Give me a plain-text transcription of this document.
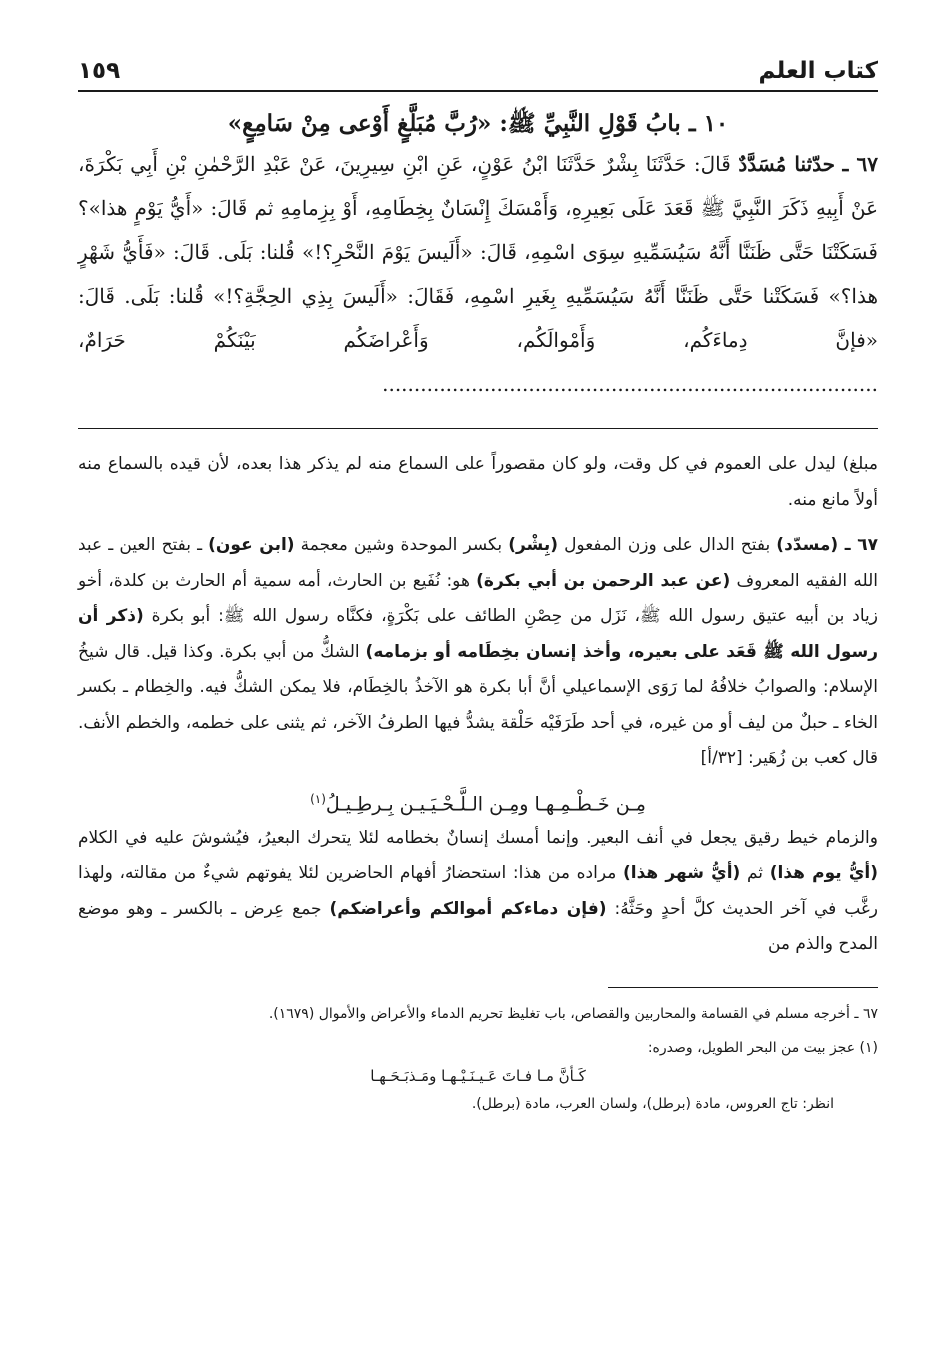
كتاب العلم
١٥٩
١٠ ـ بابُ قَوْلِ النَّبِيِّ ﷺ: «رُبَّ مُبَلَّغٍ أَوْعى مِنْ سَامِعٍ»

٦٧ ـ حدّثنا مُسَدَّدٌ قَالَ: حَدَّثَنَا بِشْرٌ حَدَّثَنَا ابْنُ عَوْنٍ، عَنِ ابْنِ سِيرِينَ، عَنْ عَبْدِ الرَّحْمٰنِ بْنِ أَبِي بَكْرَةَ، عَنْ أَبِيهِ ذَكَرَ النَّبِيَّ ﷺ قَعَدَ عَلَى بَعِيرِهِ، وَأَمْسَكَ إِنْسَانٌ بِخِطَامِهِ، أَوْ بِزِمامِهِ ثم قَالَ: «أَيُّ يَوْمٍ هذا»؟ فَسَكَتْنَا حَتَّى ظَنَنَّا أَنَّهُ سَيُسَمِّيهِ سِوَى اسْمِهِ، قَالَ: «أَلَيسَ يَوْمَ النَّحْرِ؟!» قُلنا: بَلَى. قَالَ: «فَأَيُّ شَهْرٍ هذا؟» فَسَكَتْنا حَتَّى ظَنَنَّا أَنَّهُ سَيُسَمِّيهِ بِغَيرِ اسْمِهِ، فَقَالَ: «أَلَيسَ بِذِي الحِجَّةِ؟!» قُلنا: بَلَى. قَالَ: «فإنَّ دِماءَكُم، وَأَمْوالَكُم، وَأَعْراضَكُم بَيْنَكُمْ حَرَامٌ، ..............................................................................

مبلغ) ليدل على العموم في كل وقت، ولو كان مقصوراً على السماع منه لم يذكر هذا بعده، لأن قيده بالسماع منه أولاً مانع منه.

٦٧ ـ (مسدّد) بفتح الدال على وزن المفعول (بِشْر) بكسر الموحدة وشين معجمة (ابن عون) ـ بفتح العين ـ عبد الله الفقيه المعروف (عن عبد الرحمن بن أبي بكرة) هو: نُفَيع بن الحارث، أمه سمية أم الحارث بن كلدة، أخو زياد بن أبيه عتيق رسول الله ﷺ، نَزَل من حِصْنِ الطائف على بَكْرَةٍ، فكنَّاه رسول الله ﷺ: أبو بكرة (ذكر أن رسول الله ﷺ قَعَد على بعيره، وأخذ إنسان بخِطَامه أو بزمامه) الشكُّ من أبي بكرة. وكذا قيل. قال شيخُ الإسلام: والصوابُ خلافُهُ لما رَوَى الإسماعيلي أنَّ أبا بكرة هو الآخذُ بالخِطَام، فلا يمكن الشكُّ فيه. والخِطام ـ بكسر الخاء ـ حبلٌ من ليف أو من غيره، في أحد طَرَفَيْه حَلْقة يشدُّ فيها الطرفُ الآخر، ثم يثنى على خطمه، والخطم الأنف. قال كعب بن زُهَير: [٣٢/أ]

مِـن خَـطْـمِـهـا ومِـن الـلَّـحْـيَـيـن بِـرطِـيـلُ$^{(١)}$

والزمام خيط رقيق يجعل في أنف البعير. وإنما أمسك إنسانٌ بخطامه لئلا يتحرك البعيرُ، فيُشوشَ عليه في الكلام (أيُّ يوم هذا) ثم (أيُّ شهر هذا) مراده من هذا: استحضارُ أفهام الحاضرين لئلا يفوتهم شيءٌ من مقالته، ولهذا رغَّب في آخر الحديث كلَّ أحدٍ وحَثَّهُ: (فإن دماءكم أموالكم وأعراضكم) جمع عِرض ـ بالكسر ـ وهو موضع المدح والذم من

٦٧ ـ أخرجه مسلم في القسامة والمحاربين والقصاص، باب تغليظ تحريم الدماء والأعراض والأموال (١٦٧٩).

(١) عجز بيت من البحر الطويل، وصدره:

كَـأنَّ مـا فـاتَ عَـيـنَـيْـهـا ومَـذبَـحَـهـا

انظر: تاج العروس، مادة (برطل)، ولسان العرب، مادة (برطل).
